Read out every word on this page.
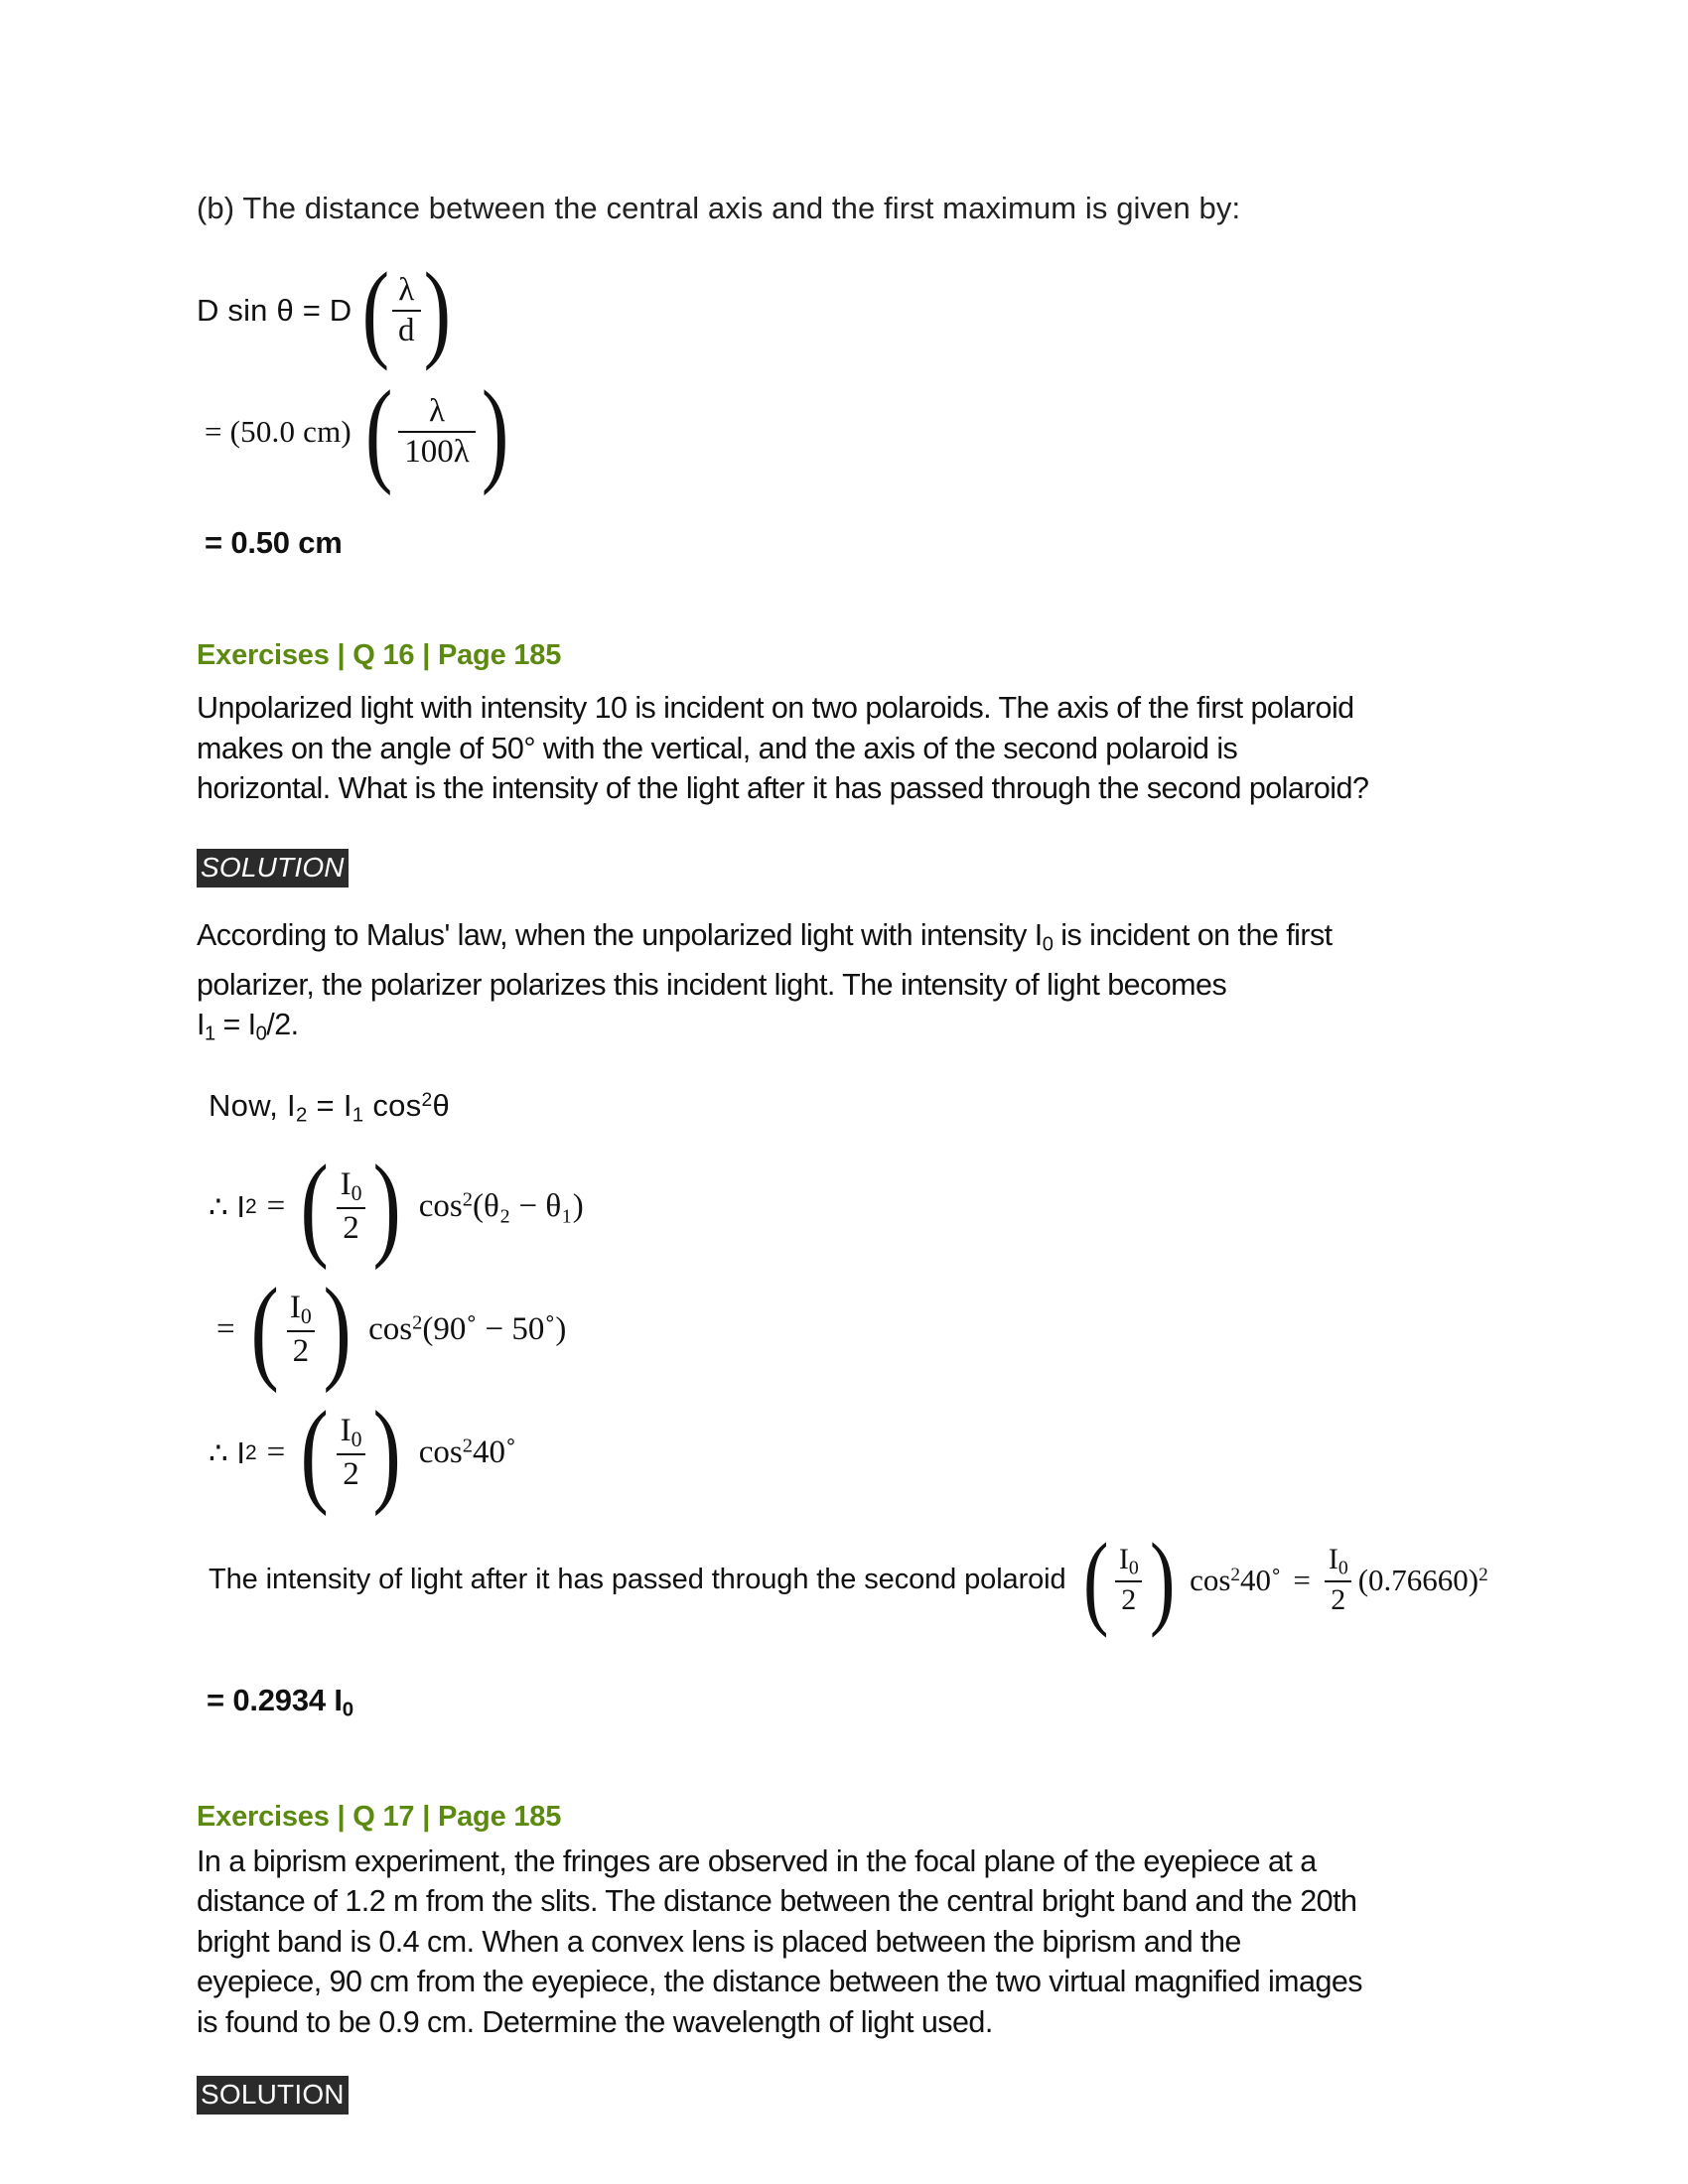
(b) The distance between the central axis and the first maximum is given by:

D sin θ = D ( $\frac{\lambda}{d}$ )
= (50.0 cm) ( $\frac{\lambda}{100\lambda}$ )

= 0.50 cm

Exercises | Q 16 | Page 185

Unpolarized light with intensity 10 is incident on two polaroids. The axis of the first polaroid makes on the angle of 50° with the vertical, and the axis of the second polaroid is horizontal. What is the intensity of the light after it has passed through the second polaroid?

SOLUTION

According to Malus' law, when the unpolarized light with intensity $I_0$ is incident on the first polarizer, the polarizer polarizes this incident light. The intensity of light becomes

$I_1 = I_0/2$.

Now, $I_2 = I_1$ $\cos^2\theta$
∴ I 2 = ( $\frac{I_0}{2}$ ) $\cos^2(\theta_2 - \theta_1)$
= ( $\frac{I_0}{2}$ ) $\cos^2(90˚$ − 50˚)
∴ I 2 = ( $\frac{I_0}{2}$ ) $\cos^240˚$
The intensity of light after it has passed through the second polaroid ( $\frac{I_0}{2}$ ) $\cos^240˚ = \frac{I_0}{2} (0.76660)^2$

= 0.2934 $I_0$

Exercises | Q 17 | Page 185

In a biprism experiment, the fringes are observed in the focal plane of the eyepiece at a distance of 1.2 m from the slits. The distance between the central bright band and the 20th bright band is 0.4 cm. When a convex lens is placed between the biprism and the eyepiece, 90 cm from the eyepiece, the distance between the two virtual magnified images is found to be 0.9 cm. Determine the wavelength of light used.

SOLUTION
